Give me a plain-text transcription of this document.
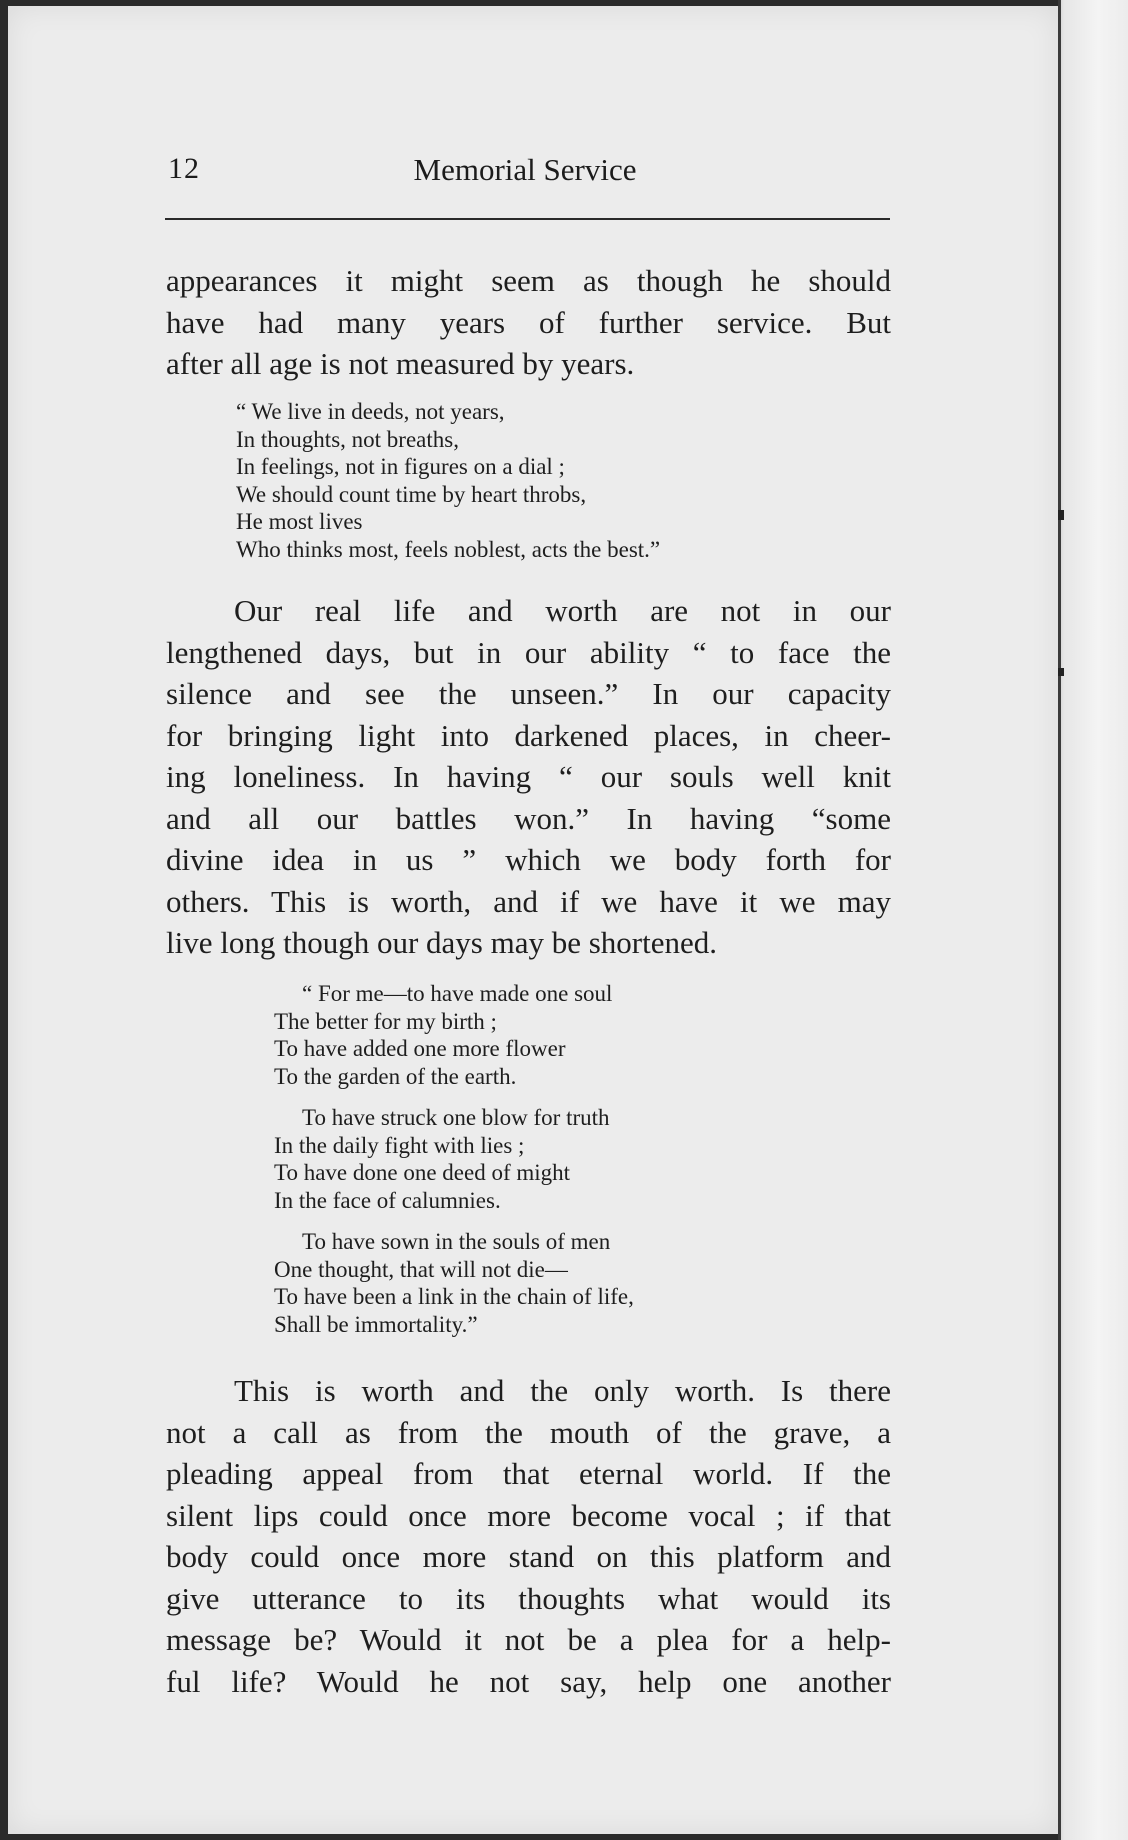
12	Memorial Service

appearances it might seem as though he should
have had many years of further service. But
after all age is not measured by years.

“ We live in deeds, not years,
In thoughts, not breaths,
In feelings, not in figures on a dial ;
We should count time by heart throbs,
He most lives
Who thinks most, feels noblest, acts the best.”

Our real life and worth are not in our
lengthened days, but in our ability “ to face the
silence and see the unseen.” In our capacity
for bringing light into darkened places, in cheer-
ing loneliness. In having “ our souls well knit
and all our battles won.” In having “some
divine idea in us ” which we body forth for
others. This is worth, and if we have it we may
live long though our days may be shortened.

“ For me—to have made one soul
The better for my birth ;
To have added one more flower
To the garden of the earth.
To have struck one blow for truth
In the daily fight with lies ;
To have done one deed of might
In the face of calumnies.
To have sown in the souls of men
One thought, that will not die—
To have been a link in the chain of life,
Shall be immortality.”

This is worth and the only worth. Is there
not a call as from the mouth of the grave, a
pleading appeal from that eternal world. If the
silent lips could once more become vocal ; if that
body could once more stand on this platform and
give utterance to its thoughts what would its
message be? Would it not be a plea for a help-
ful life? Would he not say, help one another
